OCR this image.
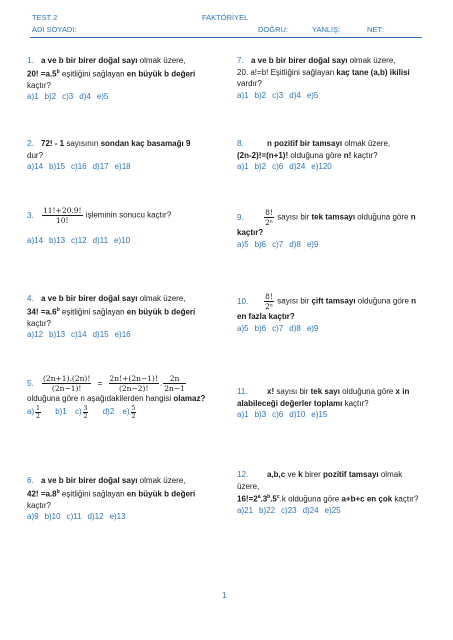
TEST 2	FAKTÖRİYEL
ADI SOYADI:	DOĞRU:	YANLIŞ:	NET:
1. a ve b bir birer doğal sayı olmak üzere,
20! =a.5$^b$ eşitliğini sağlayan en büyük b değeri
kaçtır?
a)1 b)2 c)3 d)4 e)5
2. 72! - 1 sayısının sondan kaç basamağı 9
dur?
a)14 b)15 c)16 d)17 e)18
3. $\frac{11!+20.9!}{10!}$ işleminin sonucu kaçtır?

a)14 b)13 c)12 d)11 e)10
4. a ve b bir birer doğal sayı olmak üzere,
34! =a.6$^b$ eşitliğini sağlayan en büyük b değeri
kaçtır?
a)12 b)13 c)14 d)15 e)16
5. $\frac{(2n+1).(2n)!}{(2n-1)!} = \frac{2n!+(2n-1)!}{(2n-2)!}$ . $\frac{2n}{2n-1}$

olduğuna göre n aşağıdakilerden hangisi olamaz?
$a) \frac{1}{2} b)1$ $c) \frac{3}{2} d)2$ $e) \frac{5}{2}$
6. a ve b bir birer doğal sayı olmak üzere,
42! =a.8$^b$ eşitliğini sağlayan en büyük b değeri
kaçtır?
a)9 b)10 c)11 d)12 e)13
7. a ve b bir birer doğal sayı olmak üzere,
20. a!=b! Eşitliğini sağlayan kaç tane (a,b) ikilisi
vardır?
a)1 b)2 c)3 d)4 e)5
8.	n pozitif bir tamsayı olmak üzere,
(2n-2)!=(n+1)! olduğuna göre n! kaçtır?
a)1 b)2 c)6 d)24 e)120
9.	$\frac{8!}{\text{2ⁿ}}$ sayısı bir tek tamsayı olduğuna göre n
kaçtır?
a)5 b)6 c)7 d)8 e)9
10. $\frac{8!}{\text{2ⁿ}}$ sayısı bir çift tamsayı olduğuna göre n
en fazla kaçtır?
a)5 b)6 c)7 d)8 e)9
11. x! sayısı bir tek sayı olduğuna göre x in
alabileceği değerler toplamı kaçtır?
a)1 b)3 c)6 d)10 e)15
12. a,b,c ve k birer pozitif tamsayı olmak
üzere,
$16!=2^a.3^b.5^c.k$ olduğuna göre a+b+c en çok kaçtır?
a)21 b)22 c)23 d)24 e)25
1
